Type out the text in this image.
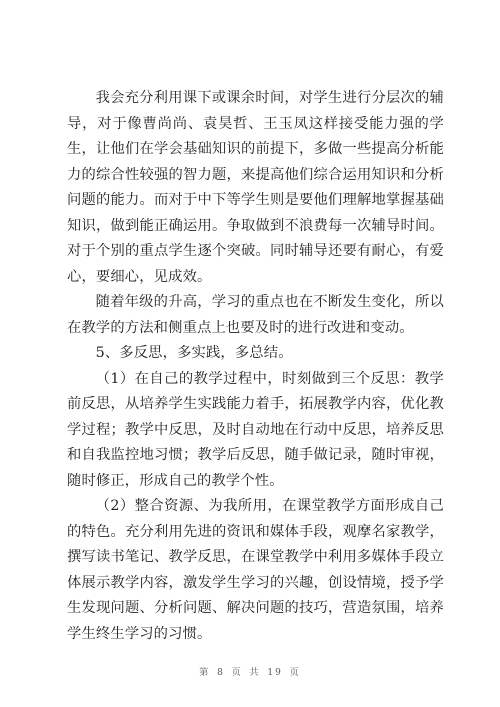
我会充分利用课下或课余时间，对学生进行分层次的辅导，对于像曹尚尚、袁昊哲、王玉凤这样接受能力强的学生，让他们在学会基础知识的前提下，多做一些提高分析能力的综合性较强的智力题，来提高他们综合运用知识和分析问题的能力。而对于中下等学生则是要他们理解地掌握基础知识，做到能正确运用。争取做到不浪费每一次辅导时间。对于个别的重点学生逐个突破。同时辅导还要有耐心，有爱心，要细心，见成效。

随着年级的升高，学习的重点也在不断发生变化，所以在教学的方法和侧重点上也要及时的进行改进和变动。

5、多反思，多实践，多总结。

（1）在自己的教学过程中，时刻做到三个反思：教学前反思，从培养学生实践能力着手，拓展教学内容，优化教学过程；教学中反思，及时自动地在行动中反思，培养反思和自我监控地习惯；教学后反思，随手做记录，随时审视，随时修正，形成自己的教学个性。

（2）整合资源、为我所用，在课堂教学方面形成自己的特色。充分利用先进的资讯和媒体手段，观摩名家教学，撰写读书笔记、教学反思，在课堂教学中利用多媒体手段立体展示教学内容，激发学生学习的兴趣，创设情境，授予学生发现问题、分析问题、解决问题的技巧，营造氛围，培养学生终生学习的习惯。

第 8 页 共 19 页
